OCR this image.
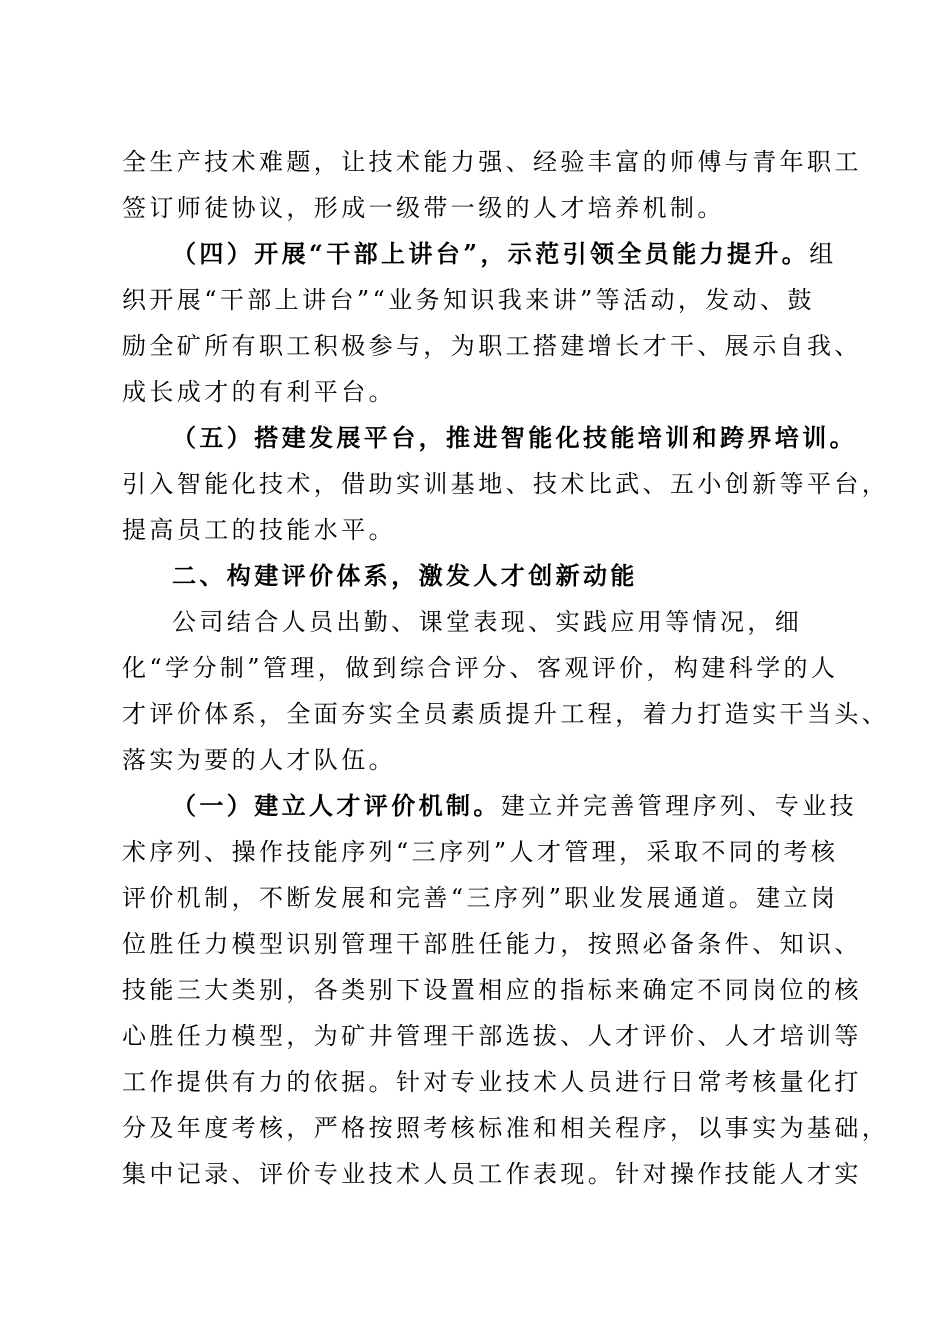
全生产技术难题，让技术能力强、经验丰富的师傅与青年职工
签订师徒协议，形成一级带一级的人才培养机制。
（四）开展“干部上讲台”，示范引领全员能力提升。组
织开展“干部上讲台”“业务知识我来讲”等活动，发动、鼓
励全矿所有职工积极参与，为职工搭建增长才干、展示自我、
成长成才的有利平台。
（五）搭建发展平台，推进智能化技能培训和跨界培训。
引入智能化技术，借助实训基地、技术比武、五小创新等平台，
提高员工的技能水平。
二、构建评价体系，激发人才创新动能
公司结合人员出勤、课堂表现、实践应用等情况，细
化“学分制”管理，做到综合评分、客观评价，构建科学的人
才评价体系，全面夯实全员素质提升工程，着力打造实干当头、
落实为要的人才队伍。
（一）建立人才评价机制。建立并完善管理序列、专业技
术序列、操作技能序列“三序列”人才管理，采取不同的考核
评价机制，不断发展和完善“三序列”职业发展通道。建立岗
位胜任力模型识别管理干部胜任能力，按照必备条件、知识、
技能三大类别，各类别下设置相应的指标来确定不同岗位的核
心胜任力模型，为矿井管理干部选拔、人才评价、人才培训等
工作提供有力的依据。针对专业技术人员进行日常考核量化打
分及年度考核，严格按照考核标准和相关程序，以事实为基础，
集中记录、评价专业技术人员工作表现。针对操作技能人才实
